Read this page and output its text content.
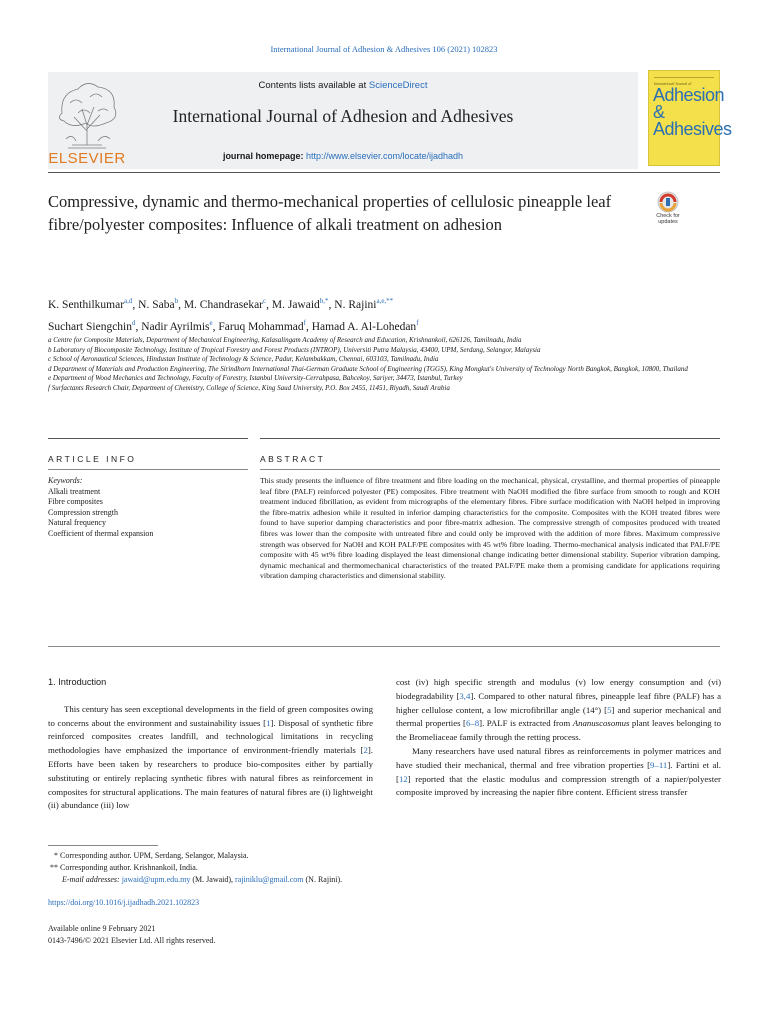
International Journal of Adhesion & Adhesives 106 (2021) 102823
ELSEVIER
Contents lists available at ScienceDirect
International Journal of Adhesion and Adhesives
journal homepage: http://www.elsevier.com/locate/ijadhadh
International Journal of
Adhesion & Adhesives
Check for updates
Compressive, dynamic and thermo-mechanical properties of cellulosic pineapple leaf fibre/polyester composites: Influence of alkali treatment on adhesion
K. Senthilkumar$^{a,d}$, N. Saba$^b$, M. Chandrasekar$^c$, M. Jawaid$^{b,*}$, N. Rajini$^{a,e,**}$
Suchart Siengchin$^d$, Nadir Ayrilmis$^e$, Faruq Mohammad$^f$, Hamad A. Al-Lohedan$^f$
a Centre for Composite Materials, Department of Mechanical Engineering, Kalasalingam Academy of Research and Education, Krishnankoil, 626126, Tamilnadu, India
b Laboratory of Biocomposite Technology, Institute of Tropical Forestry and Forest Products (INTROP), Universiti Putra Malaysia, 43400, UPM, Serdang, Selangor, Malaysia
c School of Aeronautical Sciences, Hindustan Institute of Technology & Science, Padur, Kelambakkam, Chennai, 603103, Tamilnadu, India
d Department of Materials and Production Engineering, The Sirindhorn International Thai-German Graduate School of Engineering (TGGS), King Mongkut's University of Technology North Bangkok, Bangkok, 10800, Thailand
e Department of Wood Mechanics and Technology, Faculty of Forestry, Istanbul University-Cerrahpasa, Bahcekoy, Sariyer, 34473, Istanbul, Turkey
f Surfactants Research Chair, Department of Chemistry, College of Science, King Saud University, P.O. Box 2455, 11451, Riyadh, Saudi Arabia
ARTICLE INFO	ABSTRACT
Keywords:
Alkali treatment
Fibre composites
Compression strength
Natural frequency
Coefficient of thermal expansion
This study presents the influence of fibre treatment and fibre loading on the mechanical, physical, crystalline, and thermal properties of pineapple leaf fibre (PALF) reinforced polyester (PE) composites. Fibre treatment with NaOH modified the fibre surface from smooth to rough and KOH treatment induced fibrillation, as evident from micrographs of the elementary fibres. Fibre surface modification with NaOH helped in improving the fibre-matrix adhesion while it resulted in inferior damping characteristics for the composite. Composites with the KOH treated fibres were found to have superior damping characteristics and poor fibre-matrix adhesion. The compressive strength of composites produced with treated fibres was lower than the composite with untreated fibre and could only be improved with the addition of more fibres. Maximum compressive strength was observed for NaOH and KOH PALF/PE composites with 45 wt% fibre loading. Thermo-mechanical analysis indicated that PALF/PE composite with 45 wt% fibre loading displayed the least dimensional change indicating better dimensional stability. Superior vibration damping, dynamic mechanical and thermomechanical characteristics of the treated PALF/PE make them a promising candidate for applications requiring vibration damping characteristics and dimensional stability.
1. Introduction

This century has seen exceptional developments in the field of green composites owing to concerns about the environment and sustainability issues [1]. Disposal of synthetic fibre reinforced composites creates landfill, and technological limitations in recycling methodologies have emphasized the importance of environment-friendly materials [2]. Efforts have been taken by researchers to produce bio-composites either by partially substituting or entirely replacing synthetic fibres with natural fibres as reinforcement in composites for structural applications. The main features of natural fibres are (i) lightweight (ii) abundance (iii) low

cost (iv) high specific strength and modulus (v) low energy consumption and (vi) biodegradability [3,4]. Compared to other natural fibres, pineapple leaf fibre (PALF) has a higher cellulose content, a low microfibrillar angle (14°) [5] and superior mechanical and thermal properties [6–8]. PALF is extracted from Ananuscosomus plant leaves belonging to the Bromeliaceae family through the retting process.

Many researchers have used natural fibres as reinforcements in polymer matrices and have studied their mechanical, thermal and free vibration properties [9–11]. Fartini et al. [12] reported that the elastic modulus and compression strength of a napier/polyester composite improved by increasing the napier fibre content. Efficient stress transfer

* Corresponding author. UPM, Serdang, Selangor, Malaysia.
** Corresponding author. Krishnankoil, India.
E-mail addresses: jawaid@upm.edu.my (M. Jawaid), rajiniklu@gmail.com (N. Rajini).
https://doi.org/10.1016/j.ijadhadh.2021.102823
Available online 9 February 2021
0143-7496/© 2021 Elsevier Ltd. All rights reserved.
